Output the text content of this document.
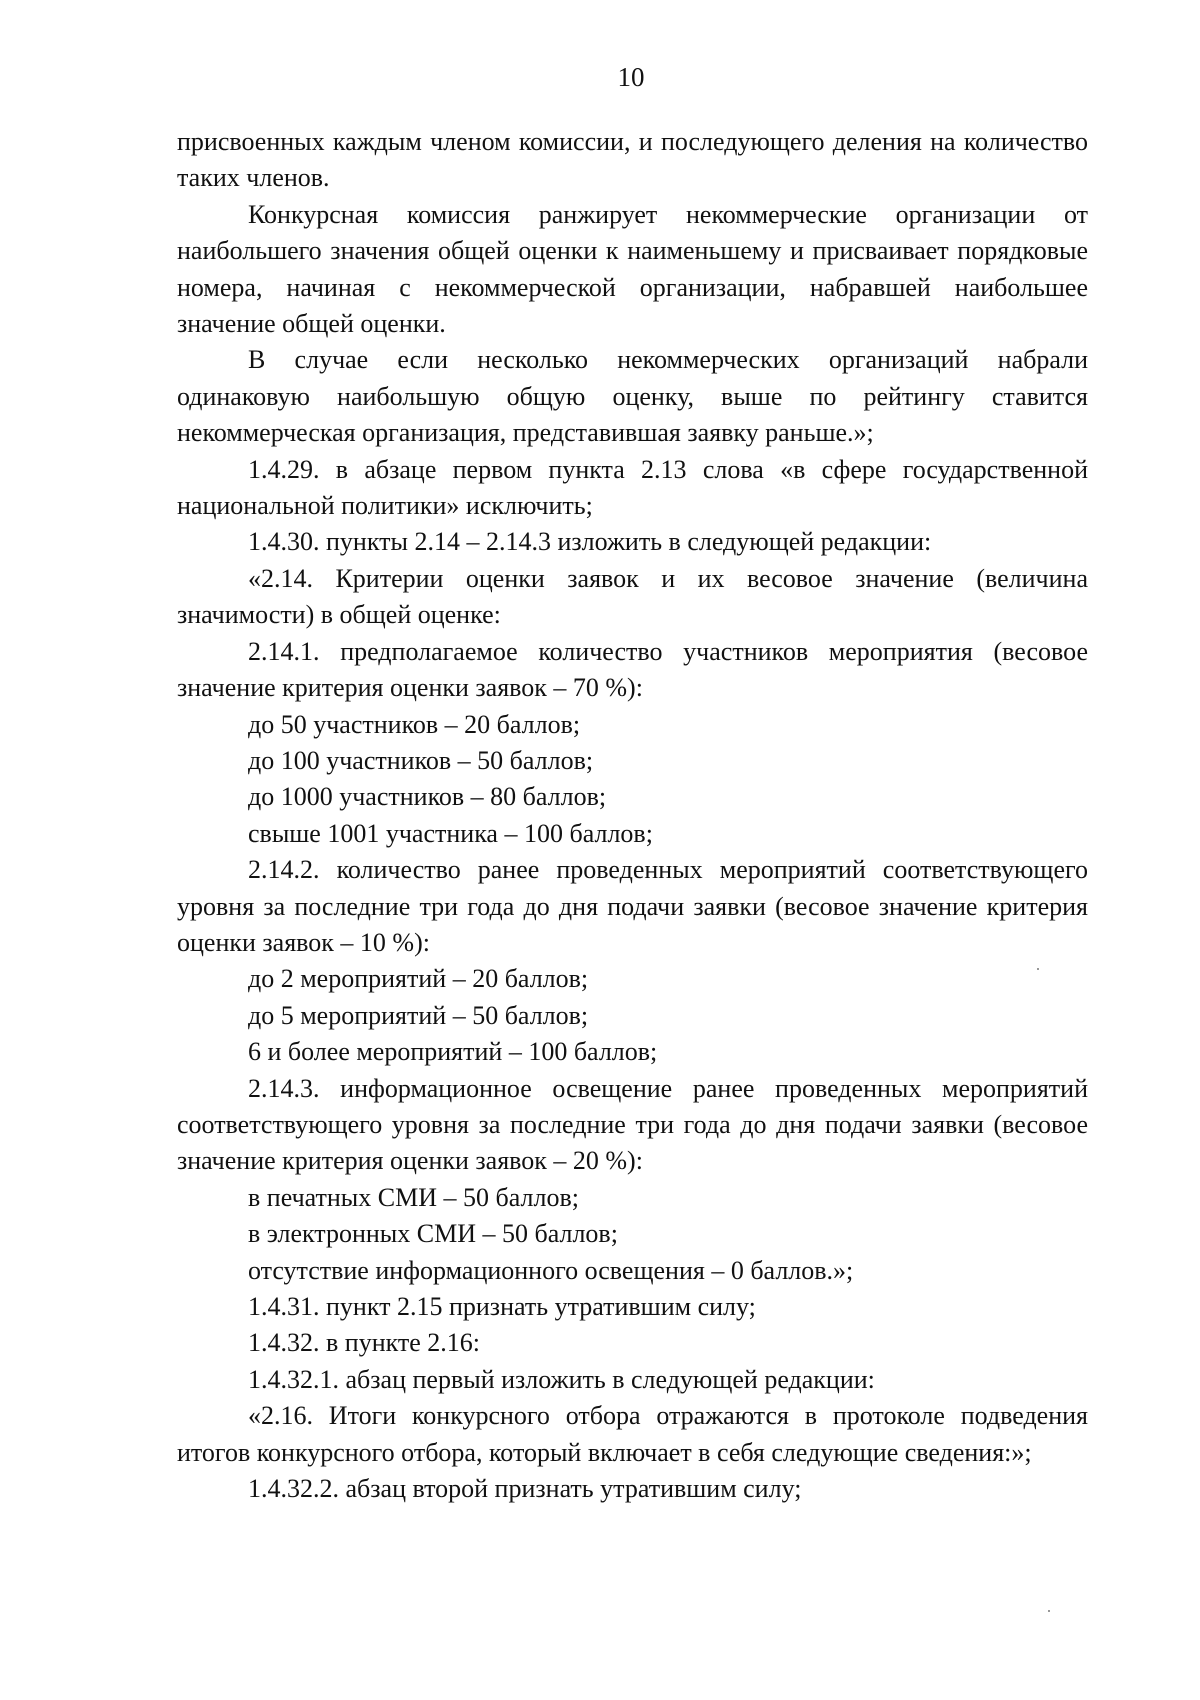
10

присвоенных каждым членом комиссии, и последующего деления на количество таких членов.

Конкурсная комиссия ранжирует некоммерческие организации от наибольшего значения общей оценки к наименьшему и присваивает порядковые номера, начиная с некоммерческой организации, набравшей наибольшее значение общей оценки.

В случае если несколько некоммерческих организаций набрали одинаковую наибольшую общую оценку, выше по рейтингу ставится некоммерческая организация, представившая заявку раньше.»;

1.4.29. в абзаце первом пункта 2.13 слова «в сфере государственной национальной политики» исключить;

1.4.30. пункты 2.14 – 2.14.3 изложить в следующей редакции:

«2.14. Критерии оценки заявок и их весовое значение (величина значимости) в общей оценке:

2.14.1. предполагаемое количество участников мероприятия (весовое значение критерия оценки заявок – 70 %):

до 50 участников – 20 баллов;

до 100 участников – 50 баллов;

до 1000 участников – 80 баллов;

свыше 1001 участника – 100 баллов;

2.14.2. количество ранее проведенных мероприятий соответствующего уровня за последние три года до дня подачи заявки (весовое значение критерия оценки заявок – 10 %):

до 2 мероприятий – 20 баллов;

до 5 мероприятий – 50 баллов;

6 и более мероприятий – 100 баллов;

2.14.3. информационное освещение ранее проведенных мероприятий соответствующего уровня за последние три года до дня подачи заявки (весовое значение критерия оценки заявок – 20 %):

в печатных СМИ – 50 баллов;

в электронных СМИ – 50 баллов;

отсутствие информационного освещения – 0 баллов.»;

1.4.31. пункт 2.15 признать утратившим силу;

1.4.32. в пункте 2.16:

1.4.32.1. абзац первый изложить в следующей редакции:

«2.16. Итоги конкурсного отбора отражаются в протоколе подведения итогов конкурсного отбора, который включает в себя следующие сведения:»;

1.4.32.2. абзац второй признать утратившим силу;
